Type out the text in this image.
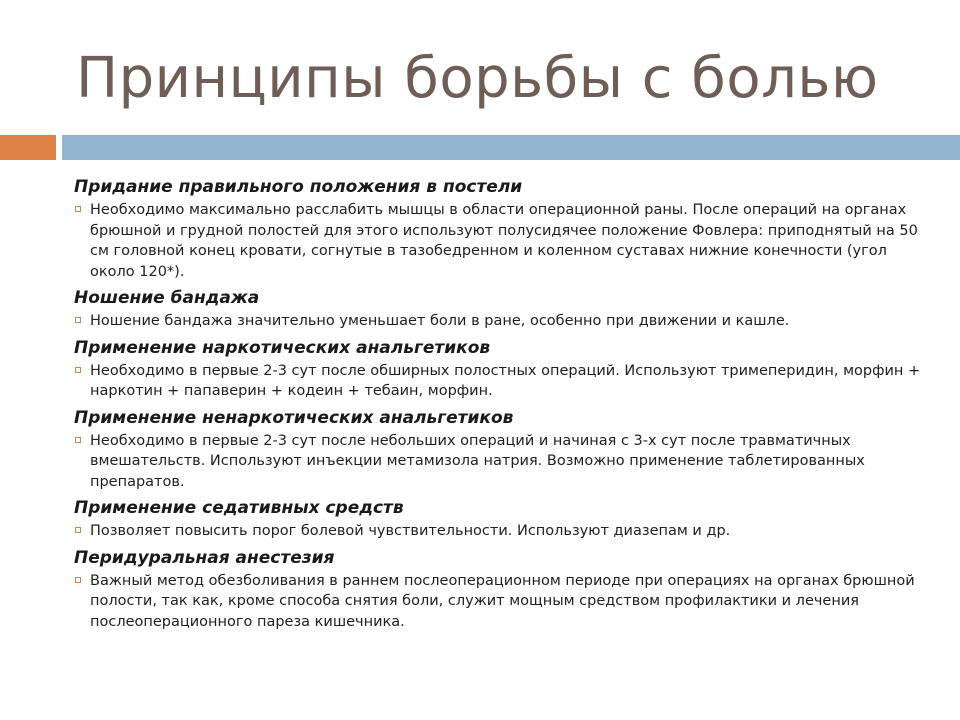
Принципы борьбы с болью
Придание правильного положения в постели
Необходимо максимально расслабить мышцы в области операционной раны. После операций на органах брюшной и грудной полостей для этого используют полусидячее положение Фовлера: приподнятый на 50 см головной конец кровати, согнутые в тазобедренном и коленном суставах нижние конечности (угол около 120*).
Ношение бандажа
Ношение бандажа значительно уменьшает боли в ране, особенно при движении и кашле.
Применение наркотических анальгетиков
Необходимо в первые 2-3 сут после обширных полостных операций. Используют тримеперидин, морфин + наркотин + папаверин + кодеин + тебаин, морфин.
Применение ненаркотических анальгетиков
Необходимо в первые 2-3 сут после небольших операций и начиная с 3-х сут после травматичных вмешательств. Используют инъекции метамизола натрия. Возможно применение таблетированных препаратов.
Применение седативных средств
Позволяет повысить порог болевой чувствительности. Используют диазепам и др.
Перидуральная анестезия
Важный метод обезболивания в раннем послеоперационном периоде при операциях на органах брюшной полости, так как, кроме способа снятия боли, служит мощным средством профилактики и лечения послеоперационного пареза кишечника.
